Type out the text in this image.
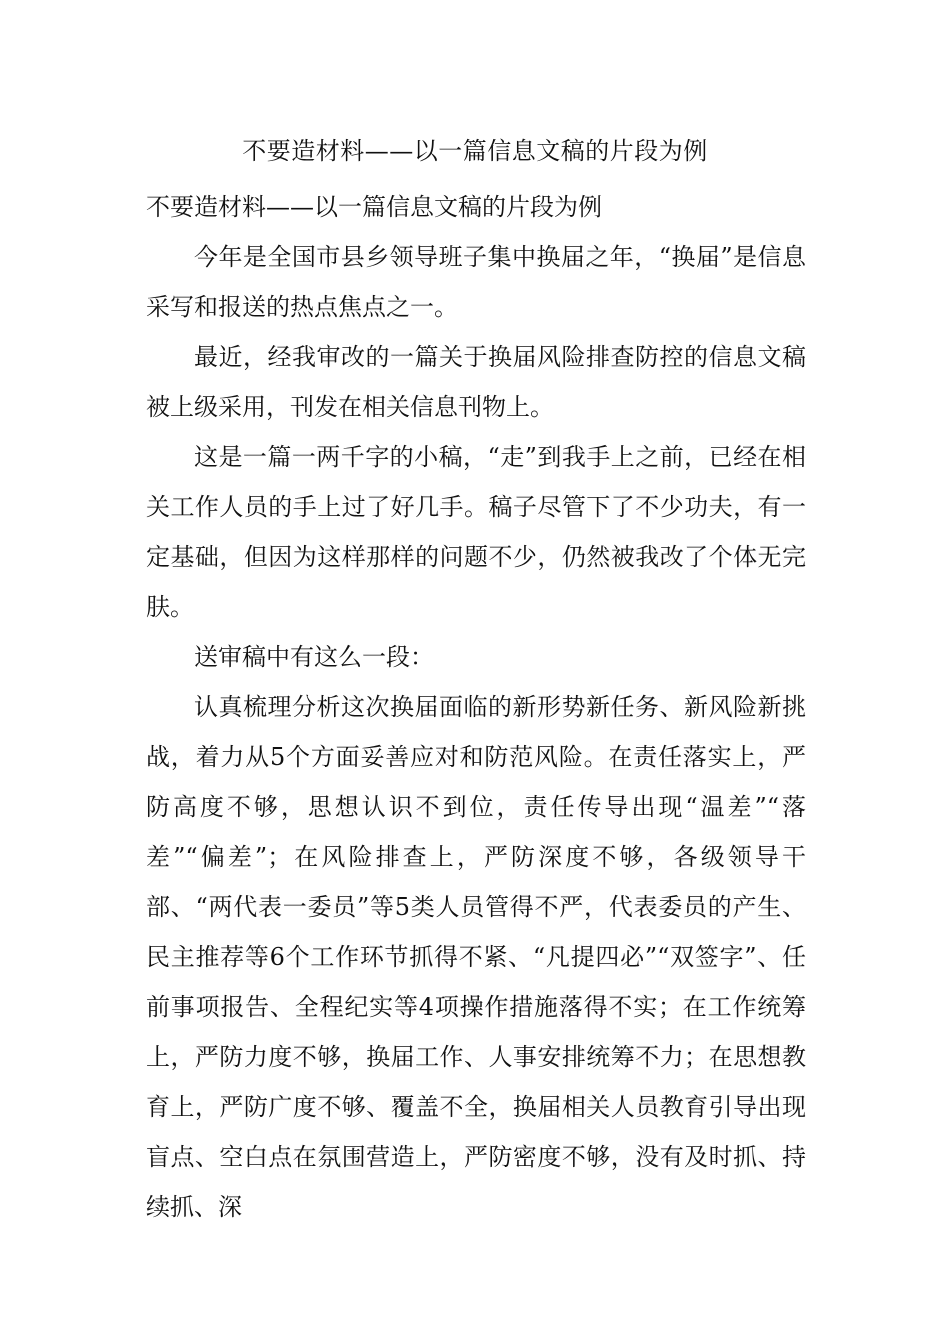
不要造材料——以一篇信息文稿的片段为例

不要造材料——以一篇信息文稿的片段为例

今年是全国市县乡领导班子集中换届之年，“换届”是信息采写和报送的热点焦点之一。

最近，经我审改的一篇关于换届风险排查防控的信息文稿被上级采用，刊发在相关信息刊物上。

这是一篇一两千字的小稿，“走”到我手上之前，已经在相关工作人员的手上过了好几手。稿子尽管下了不少功夫，有一定基础，但因为这样那样的问题不少，仍然被我改了个体无完肤。

送审稿中有这么一段：

认真梳理分析这次换届面临的新形势新任务、新风险新挑战，着力从5个方面妥善应对和防范风险。在责任落实上，严防高度不够，思想认识不到位，责任传导出现“温差”“落差”“偏差”；在风险排查上，严防深度不够，各级领导干部、“两代表一委员”等5类人员管得不严，代表委员的产生、民主推荐等6个工作环节抓得不紧、“凡提四必”“双签字”、任前事项报告、全程纪实等4项操作措施落得不实；在工作统筹上，严防力度不够，换届工作、人事安排统筹不力；在思想教育上，严防广度不够、覆盖不全，换届相关人员教育引导出现盲点、空白点在氛围营造上，严防密度不够，没有及时抓、持续抓、深
